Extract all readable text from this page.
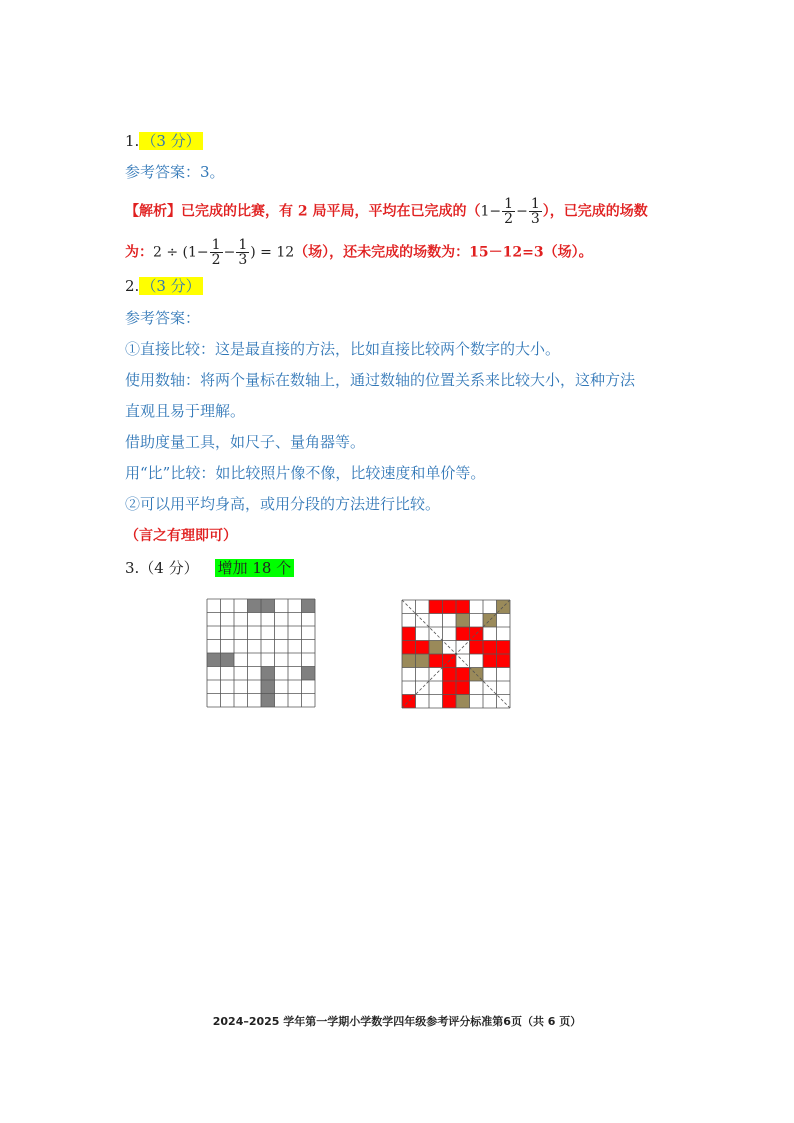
1. （3 分）
参考答案：3。
【解析】已完成的比赛，有 2 局平局，平均在已完成的（$1- \frac{1}{2} - \frac{1}{3}$ ），已完成的场数
为：$2 \div (1- \frac{1}{2} - \frac{1}{3}$ ) = 12（场），还未完成的场数为：15－12=3（场）。
2. （3 分）
参考答案：
①直接比较：这是最直接的方法，比如直接比较两个数字的大小。
使用数轴：将两个量标在数轴上，通过数轴的位置关系来比较大小，这种方法
直观且易于理解。
借助度量工具，如尺子、量角器等。
用“比”比较：如比较照片像不像，比较速度和单价等。
②可以用平均身高，或用分段的方法进行比较。
（言之有理即可）
3.（4 分） 增加 18 个
2024–2025 学年第一学期小学数学四年级参考评分标准第6页（共 6 页）
